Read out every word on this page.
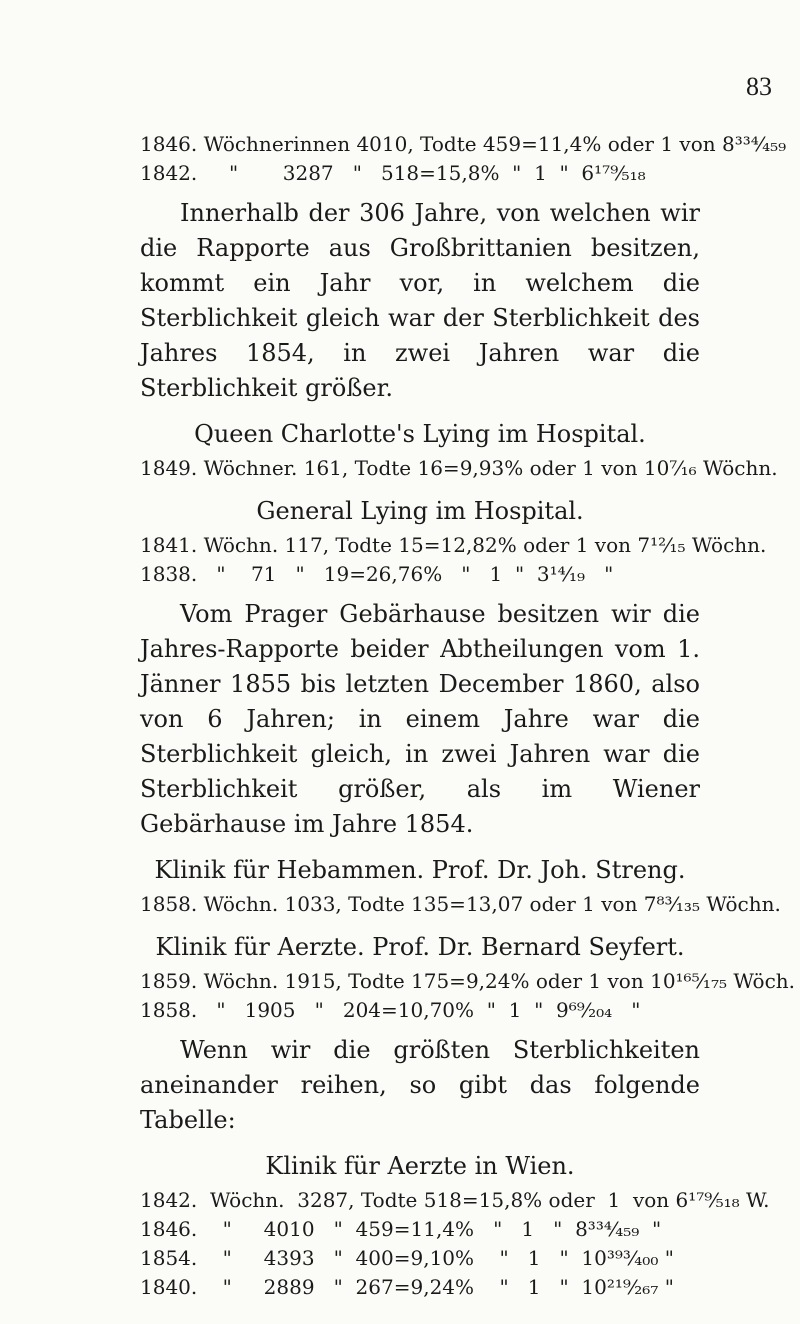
83
1846. Wöchnerinnen 4010, Todte 459=11,4% oder 1 von 8³³⁴⁄₄₅₉
1842.     "       3287   "   518=15,8%  "  1  "  6¹⁷⁹⁄₅₁₈

Innerhalb der 306 Jahre, von welchen wir die Rapporte aus Großbrittanien besitzen, kommt ein Jahr vor, in welchem die Sterblichkeit gleich war der Sterblichkeit des Jahres 1854, in zwei Jahren war die Sterblichkeit größer.

Queen Charlotte's Lying im Hospital.
1849. Wöchner. 161, Todte 16=9,93% oder 1 von 10⁷⁄₁₆ Wöchn.
General Lying im Hospital.
1841. Wöchn. 117, Todte 15=12,82% oder 1 von 7¹²⁄₁₅ Wöchn.
1838.   "    71   "   19=26,76%   "   1  "  3¹⁴⁄₁₉   "

Vom Prager Gebärhause besitzen wir die Jahres-Rapporte beider Abtheilungen vom 1. Jänner 1855 bis letzten December 1860, also von 6 Jahren; in einem Jahre war die Sterblichkeit gleich, in zwei Jahren war die Sterblichkeit größer, als im Wiener Gebärhause im Jahre 1854.

Klinik für Hebammen. Prof. Dr. Joh. Streng.
1858. Wöchn. 1033, Todte 135=13,07 oder 1 von 7⁸³⁄₁₃₅ Wöchn.
Klinik für Aerzte. Prof. Dr. Bernard Seyfert.
1859. Wöchn. 1915, Todte 175=9,24% oder 1 von 10¹⁶⁵⁄₁₇₅ Wöch.
1858.   "   1905   "   204=10,70%  "  1  "  9⁶⁹⁄₂₀₄   "

Wenn wir die größten Sterblichkeiten aneinander reihen, so gibt das folgende Tabelle:

Klinik für Aerzte in Wien.
1842.  Wöchn.  3287, Todte 518=15,8% oder  1  von 6¹⁷⁹⁄₅₁₈ W.
1846.    "     4010   "  459=11,4%   "   1   "  8³³⁴⁄₄₅₉  "
1854.    "     4393   "  400=9,10%    "   1   "  10³⁹³⁄₄₀₀ "
1840.    "     2889   "  267=9,24%    "   1   "  10²¹⁹⁄₂₆₇ "
